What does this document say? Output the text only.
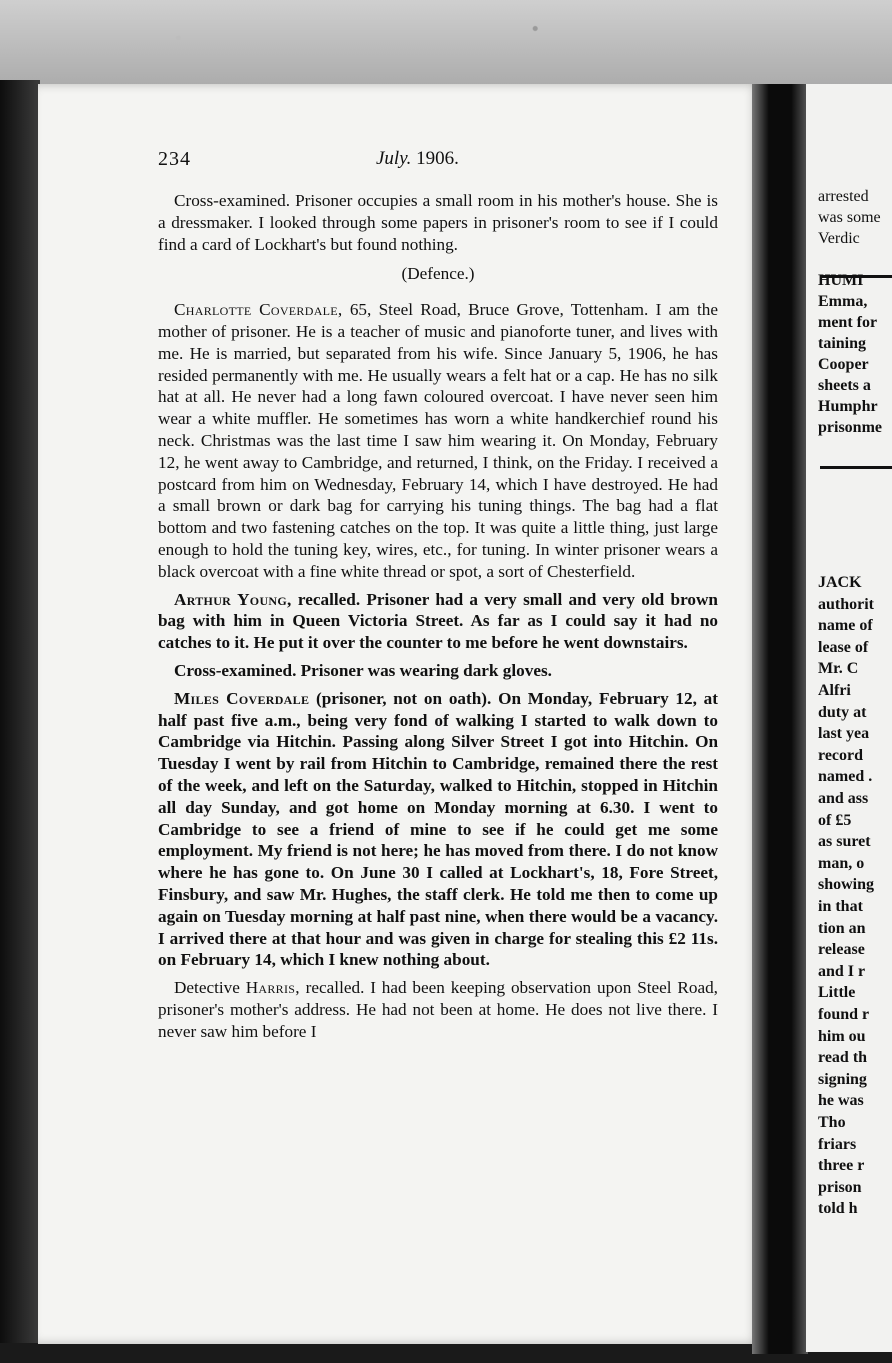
234	July. 1906.

Cross-examined. Prisoner occupies a small room in his mother's house. She is a dressmaker. I looked through some papers in prisoner's room to see if I could find a card of Lockhart's but found nothing.

(Defence.)

Charlotte Coverdale, 65, Steel Road, Bruce Grove, Tottenham. I am the mother of prisoner. He is a teacher of music and pianoforte tuner, and lives with me. He is married, but separated from his wife. Since January 5, 1906, he has resided permanently with me. He usually wears a felt hat or a cap. He has no silk hat at all. He never had a long fawn coloured overcoat. I have never seen him wear a white muffler. He sometimes has worn a white handkerchief round his neck. Christmas was the last time I saw him wearing it. On Monday, February 12, he went away to Cambridge, and returned, I think, on the Friday. I received a postcard from him on Wednesday, February 14, which I have destroyed. He had a small brown or dark bag for carrying his tuning things. The bag had a flat bottom and two fastening catches on the top. It was quite a little thing, just large enough to hold the tuning key, wires, etc., for tuning. In winter prisoner wears a black overcoat with a fine white thread or spot, a sort of Chesterfield.

Arthur Young, recalled. Prisoner had a very small and very old brown bag with him in Queen Victoria Street. As far as I could say it had no catches to it. He put it over the counter to me before he went downstairs.

Cross-examined. Prisoner was wearing dark gloves.

Miles Coverdale (prisoner, not on oath). On Monday, February 12, at half past five a.m., being very fond of walking I started to walk down to Cambridge via Hitchin. Passing along Silver Street I got into Hitchin. On Tuesday I went by rail from Hitchin to Cambridge, remained there the rest of the week, and left on the Saturday, walked to Hitchin, stopped in Hitchin all day Sunday, and got home on Monday morning at 6.30. I went to Cambridge to see a friend of mine to see if he could get me some employment. My friend is not here; he has moved from there. I do not know where he has gone to. On June 30 I called at Lockhart's, 18, Fore Street, Finsbury, and saw Mr. Hughes, the staff clerk. He told me then to come up again on Tuesday morning at half past nine, when there would be a vacancy. I arrived there at that hour and was given in charge for stealing this £2 11s. on February 14, which I knew nothing about.

Detective Harris, recalled. I had been keeping observation upon Steel Road, prisoner's mother's address. He had not been at home. He does not live there. I never saw him before I

arrested
was some
Verdic
HUMI
Emma,
ment for
taining
Cooper
sheets a
Humphr
prisonme
JACK
authorit
name of
lease of
Mr. C
Alfri
duty at
last yea
record
named .
and ass
of £5
as suret
man, o
showing
in that
tion an
release
and I r
Little
found r
him ou
read th
signing
he was
Tho
friars
three r
prison
told h
